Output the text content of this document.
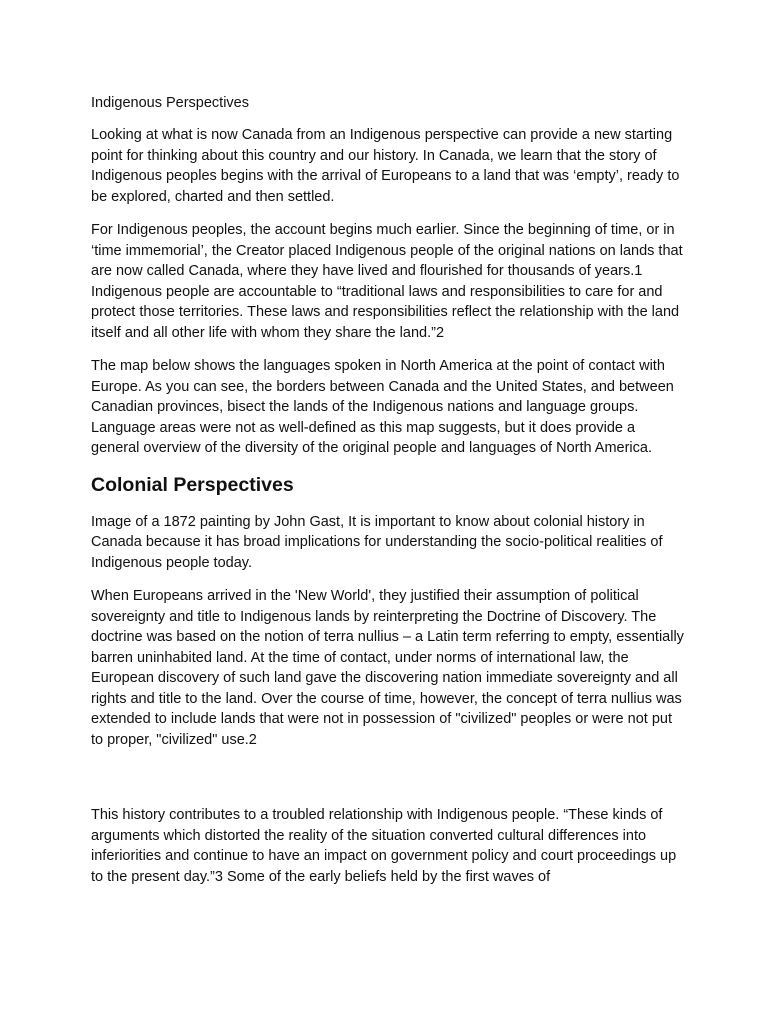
Indigenous Perspectives

Looking at what is now Canada from an Indigenous perspective can provide a new starting point for thinking about this country and our history. In Canada, we learn that the story of  Indigenous peoples begins with the arrival of Europeans to a land that was ‘empty’, ready to be explored, charted and then settled.

For Indigenous peoples, the account begins much earlier. Since the beginning of time, or in ‘time immemorial’, the Creator placed Indigenous people of the original nations on lands that are now called Canada, where they have lived and flourished for thousands of years.1 Indigenous people are accountable to “traditional laws and responsibilities to care for and protect those territories. These laws and responsibilities reflect the relationship with the land itself and all other life with whom they share the land.”2

The map below shows the languages spoken in North America at the point of contact with Europe. As you can see, the borders between Canada and the United States, and between Canadian provinces, bisect the lands of the Indigenous nations and language groups. Language areas were not as well-defined as this map suggests, but it does provide a general overview of the diversity of the original people and languages of North America.

Colonial Perspectives

Image of a 1872 painting by John Gast, It is important to know about colonial history in Canada because it has broad implications for understanding the socio-political realities of Indigenous people today.

When Europeans arrived in the 'New World', they justified their assumption of political sovereignty and title to Indigenous lands by reinterpreting the Doctrine of Discovery. The doctrine was based on the notion of terra nullius – a Latin term referring to empty, essentially barren uninhabited land. At the time of contact, under norms of international law, the European discovery of such land gave the discovering nation immediate sovereignty and all rights and title to the land. Over the course of time, however, the concept of terra nullius was extended to include lands that were not in possession of "civilized" peoples or were not put to proper, "civilized" use.2

This history contributes to a troubled relationship with Indigenous people. “These kinds of arguments which distorted the reality of the situation converted cultural differences into inferiorities and continue to have an impact on government policy and court proceedings up to the present day.”3 Some of the early beliefs held by the first waves of
